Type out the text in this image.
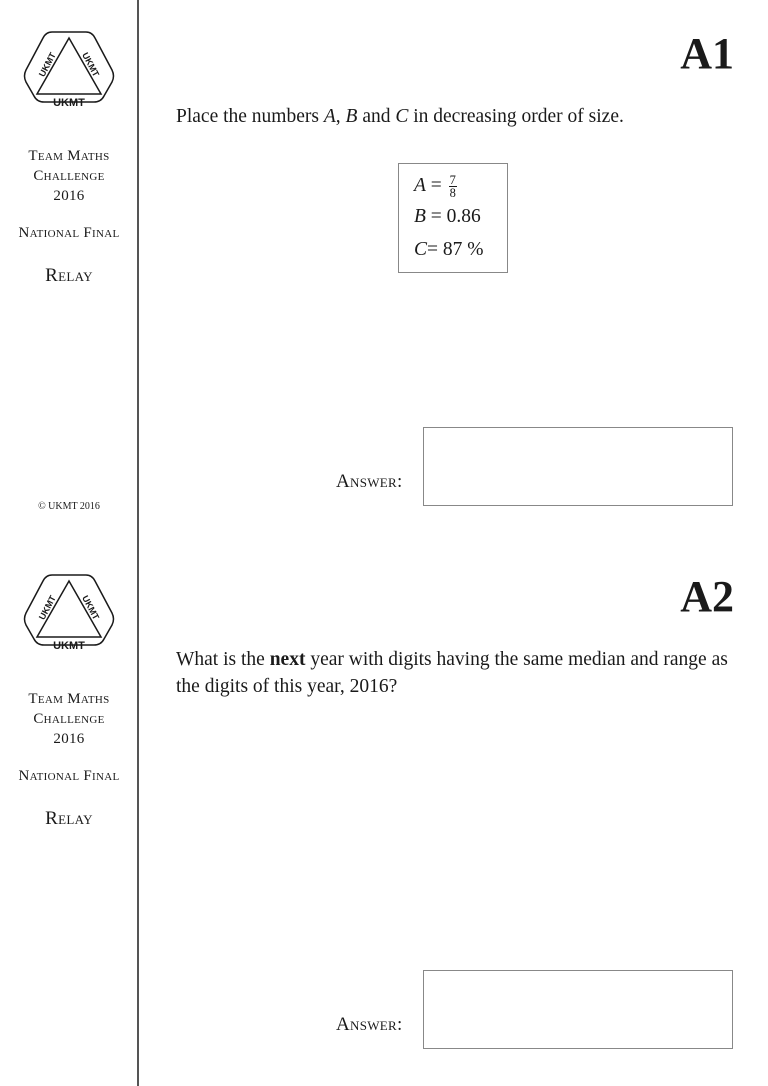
UKMT UKMT
UKMT
Team Maths
Challenge
2016
National Final
Relay
© UKMT 2016
A1
Place the numbers A, B and C in decreasing order of size.
$A = \frac{7}{8}$
B = 0.86
C= 87 %
Answer:
UKMT UKMT
UKMT
Team Maths
Challenge
2016
National Final
Relay
A2
What is the next year with digits having the same median and range as the digits of this year, 2016?
Answer:
